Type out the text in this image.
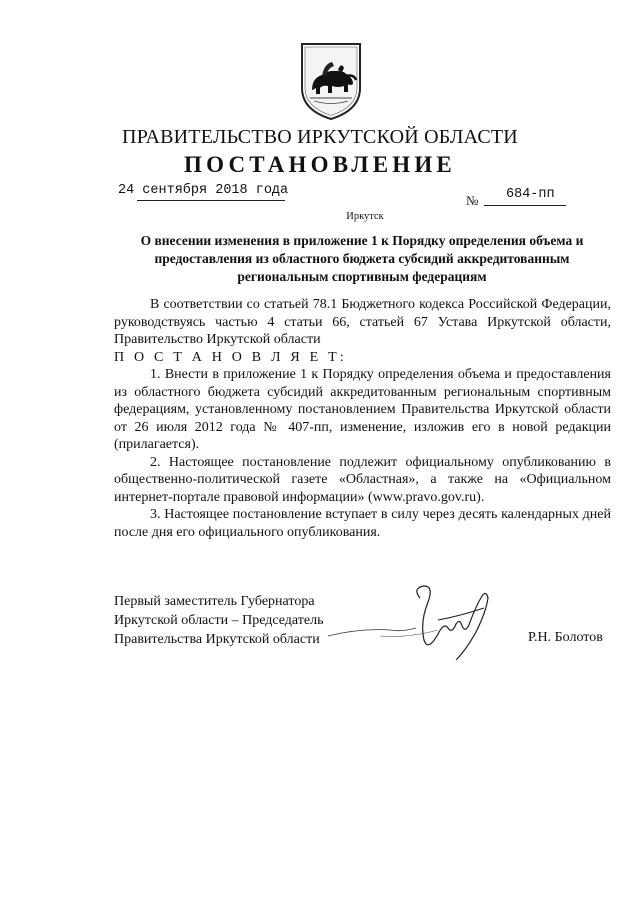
ПРАВИТЕЛЬСТВО ИРКУТСКОЙ ОБЛАСТИ
ПОСТАНОВЛЕНИЕ
24 сентября 2018 года
№ 684-пп
Иркутск
О внесении изменения в приложение 1 к Порядку определения объема и предоставления из областного бюджета субсидий аккредитованным региональным спортивным федерациям

В соответствии со статьей 78.1 Бюджетного кодекса Российской Федерации, руководствуясь частью 4 статьи 66, статьей 67 Устава Иркутской области, Правительство Иркутской области

П О С Т А Н О В Л Я Е Т:

1. Внести в приложение 1 к Порядку определения объема и предоставления из областного бюджета субсидий аккредитованным региональным спортивным федерациям, установленному постановлением Правительства Иркутской области от 26 июля 2012 года № 407-пп, изменение, изложив его в новой редакции (прилагается).

2. Настоящее постановление подлежит официальному опубликованию в общественно-политической газете «Областная», а также на «Официальном интернет-портале правовой информации» (www.pravo.gov.ru).

3. Настоящее постановление вступает в силу через десять календарных дней после дня его официального опубликования.

Первый заместитель Губернатора
Иркутской области – Председатель
Правительства Иркутской области	Р.Н. Болотов
